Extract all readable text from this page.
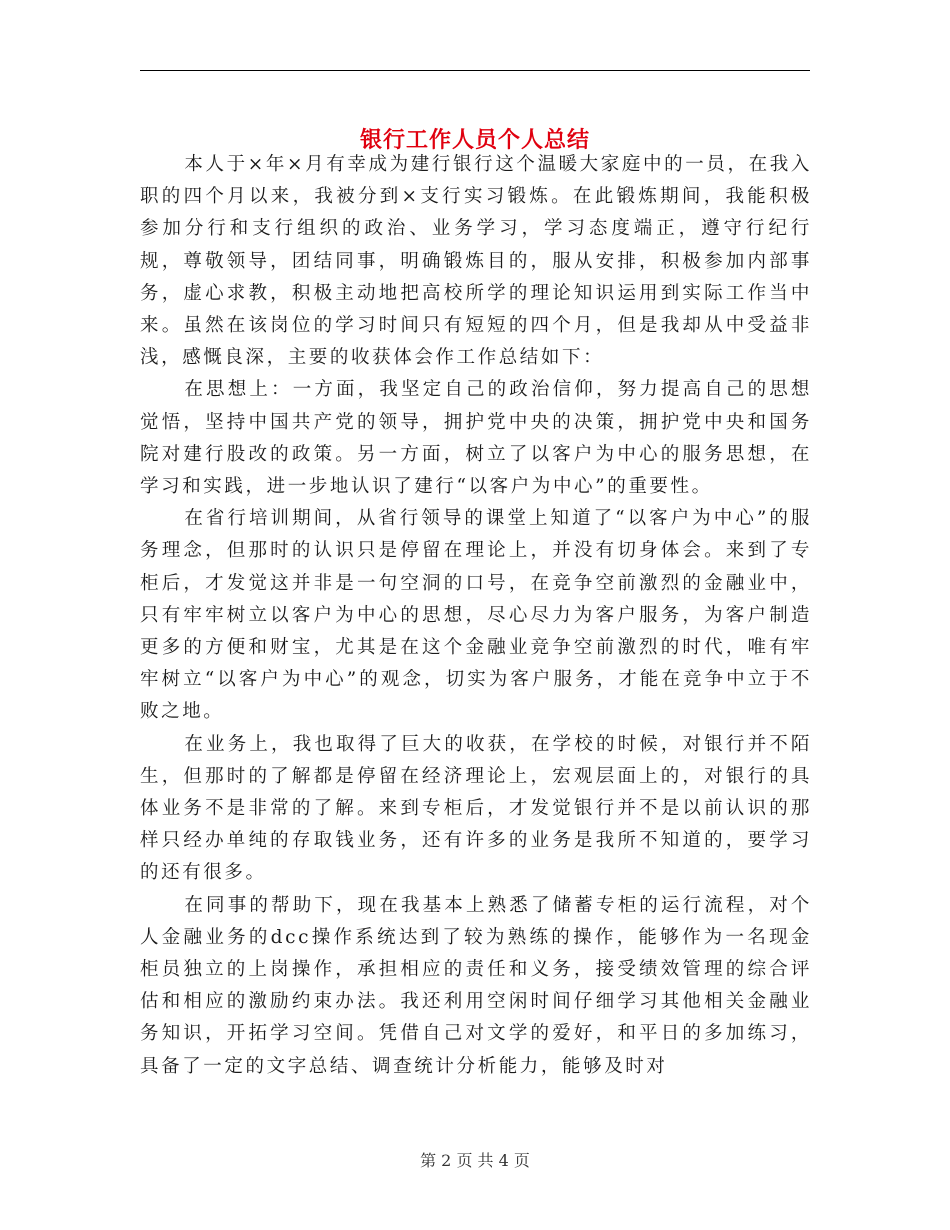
银行工作人员个人总结

本人于×年×月有幸成为建行银行这个温暖大家庭中的一员，在我入职的四个月以来，我被分到×支行实习锻炼。在此锻炼期间，我能积极参加分行和支行组织的政治、业务学习，学习态度端正，遵守行纪行规，尊敬领导，团结同事，明确锻炼目的，服从安排，积极参加内部事务，虚心求教，积极主动地把高校所学的理论知识运用到实际工作当中来。虽然在该岗位的学习时间只有短短的四个月，但是我却从中受益非浅，感慨良深，主要的收获体会作工作总结如下：

在思想上：一方面，我坚定自己的政治信仰，努力提高自己的思想觉悟，坚持中国共产党的领导，拥护党中央的决策，拥护党中央和国务院对建行股改的政策。另一方面，树立了以客户为中心的服务思想，在学习和实践，进一步地认识了建行“以客户为中心”的重要性。

在省行培训期间，从省行领导的课堂上知道了“以客户为中心”的服务理念，但那时的认识只是停留在理论上，并没有切身体会。来到了专柜后，才发觉这并非是一句空洞的口号，在竞争空前激烈的金融业中，只有牢牢树立以客户为中心的思想，尽心尽力为客户服务，为客户制造更多的方便和财宝，尤其是在这个金融业竞争空前激烈的时代，唯有牢牢树立“以客户为中心”的观念，切实为客户服务，才能在竞争中立于不败之地。

在业务上，我也取得了巨大的收获，在学校的时候，对银行并不陌生，但那时的了解都是停留在经济理论上，宏观层面上的，对银行的具体业务不是非常的了解。来到专柜后，才发觉银行并不是以前认识的那样只经办单纯的存取钱业务，还有许多的业务是我所不知道的，要学习的还有很多。

在同事的帮助下，现在我基本上熟悉了储蓄专柜的运行流程，对个人金融业务的dcc操作系统达到了较为熟练的操作，能够作为一名现金柜员独立的上岗操作，承担相应的责任和义务，接受绩效管理的综合评估和相应的激励约束办法。我还利用空闲时间仔细学习其他相关金融业务知识，开拓学习空间。凭借自己对文学的爱好，和平日的多加练习，具备了一定的文字总结、调查统计分析能力，能够及时对

第 2 页 共 4 页
